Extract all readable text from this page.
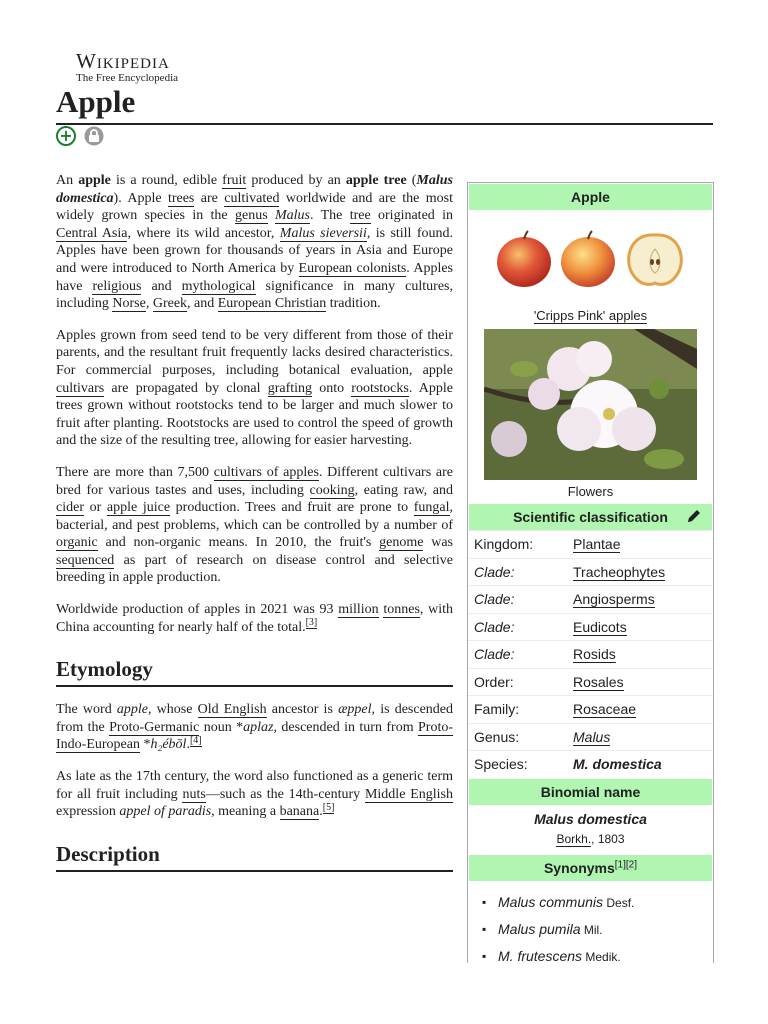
Wikipedia
The Free Encyclopedia
Apple
+

An apple is a round, edible fruit produced by an apple tree (Malus domestica). Apple trees are cultivated worldwide and are the most widely grown species in the genus Malus. The tree originated in Central Asia, where its wild ancestor, Malus sieversii, is still found. Apples have been grown for thousands of years in Asia and Europe and were introduced to North America by European colonists. Apples have religious and mythological significance in many cultures, including Norse, Greek, and European Christian tradition.

Apples grown from seed tend to be very different from those of their parents, and the resultant fruit frequently lacks desired characteristics. For commercial purposes, including botanical evaluation, apple cultivars are propagated by clonal grafting onto rootstocks. Apple trees grown without rootstocks tend to be larger and much slower to fruit after planting. Rootstocks are used to control the speed of growth and the size of the resulting tree, allowing for easier harvesting.

There are more than 7,500 cultivars of apples. Different cultivars are bred for various tastes and uses, including cooking, eating raw, and cider or apple juice production. Trees and fruit are prone to fungal, bacterial, and pest problems, which can be controlled by a number of organic and non-organic means. In 2010, the fruit's genome was sequenced as part of research on disease control and selective breeding in apple production.

Worldwide production of apples in 2021 was 93 million tonnes, with China accounting for nearly half of the total.[3]

Etymology

The word apple, whose Old English ancestor is æppel, is descended from the Proto-Germanic noun *aplaz, descended in turn from Proto-Indo-European *h₂ébōl.[4]

As late as the 17th century, the word also functioned as a generic term for all fruit including nuts—such as the 14th-century Middle English expression appel of paradis, meaning a banana.[5]

Description
Apple
'Cripps Pink' apples
Flowers
Scientific classification
Kingdom:	Plantae
Clade:	Tracheophytes
Clade:	Angiosperms
Clade:	Eudicots
Clade:	Rosids
Order:	Rosales
Family:	Rosaceae
Genus:	Malus
Species:	M. domestica
Binomial name
Malus domestica
Borkh., 1803
Synonyms[1][2]
▪ Malus communis Desf.
▪ Malus pumila Mil.
▪ M. frutescens Medik.
